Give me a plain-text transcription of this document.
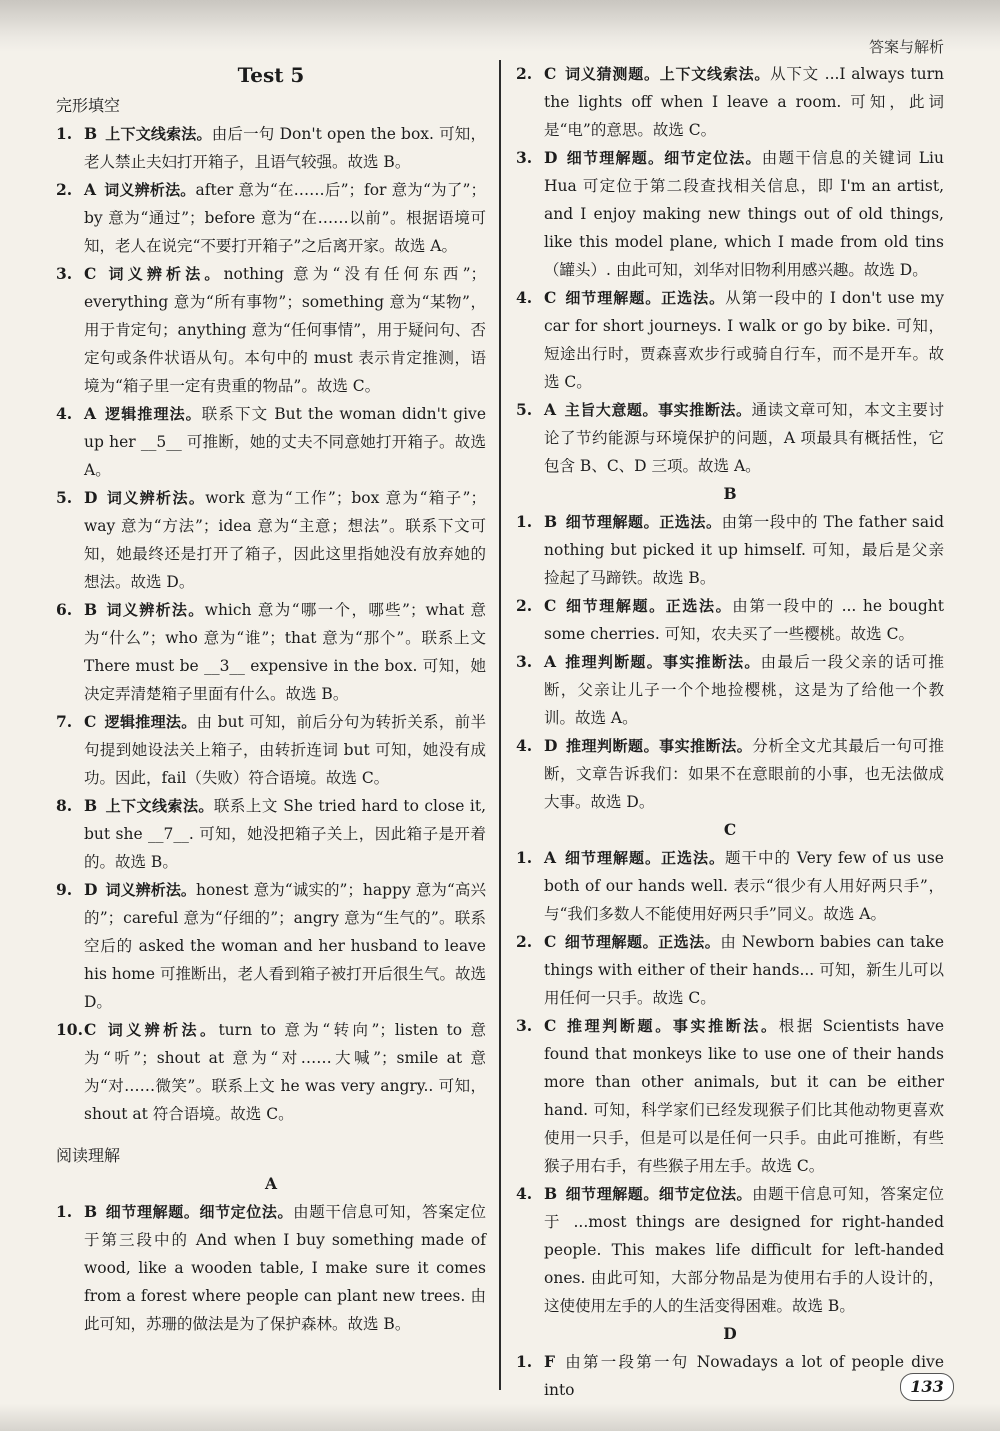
答案与解析
Test 5
完形填空
1. B 上下文线索法。由后一句 Don't open the box. 可知，老人禁止夫妇打开箱子，且语气较强。故选 B。
2. A 词义辨析法。after 意为“在……后”；for 意为“为了”；by 意为“通过”；before 意为“在……以前”。根据语境可知，老人在说完“不要打开箱子”之后离开家。故选 A。
3. C 词义辨析法。nothing 意为“没有任何东西”；everything 意为“所有事物”；something 意为“某物”，用于肯定句；anything 意为“任何事情”，用于疑问句、否定句或条件状语从句。本句中的 must 表示肯定推测，语境为“箱子里一定有贵重的物品”。故选 C。
4. A 逻辑推理法。联系下文 But the woman didn't give up her __5__ 可推断，她的丈夫不同意她打开箱子。故选 A。
5. D 词义辨析法。work 意为“工作”；box 意为“箱子”；way 意为“方法”；idea 意为“主意；想法”。联系下文可知，她最终还是打开了箱子，因此这里指她没有放弃她的想法。故选 D。
6. B 词义辨析法。which 意为“哪一个，哪些”；what 意为“什么”；who 意为“谁”；that 意为“那个”。联系上文 There must be __3__ expensive in the box. 可知，她决定弄清楚箱子里面有什么。故选 B。
7. C 逻辑推理法。由 but 可知，前后分句为转折关系，前半句提到她设法关上箱子，由转折连词 but 可知，她没有成功。因此，fail（失败）符合语境。故选 C。
8. B 上下文线索法。联系上文 She tried hard to close it, but she __7__. 可知，她没把箱子关上，因此箱子是开着的。故选 B。
9. D 词义辨析法。honest 意为“诚实的”；happy 意为“高兴的”；careful 意为“仔细的”；angry 意为“生气的”。联系空后的 asked the woman and her husband to leave his home 可推断出，老人看到箱子被打开后很生气。故选 D。
10.C 词义辨析法。turn to 意为“转向”；listen to 意为“听”；shout at 意为“对……大喊”；smile at 意为“对……微笑”。联系上文 he was very angry.. 可知，shout at 符合语境。故选 C。
阅读理解
A
1. B 细节理解题。细节定位法。由题干信息可知，答案定位于第三段中的 And when I buy something made of wood, like a wooden table, I make sure it comes from a forest where people can plant new trees. 由此可知，苏珊的做法是为了保护森林。故选 B。
2. C 词义猜测题。上下文线索法。从下文 ...I always turn the lights off when I leave a room. 可知，此词是“电”的意思。故选 C。
3. D 细节理解题。细节定位法。由题干信息的关键词 Liu Hua 可定位于第二段查找相关信息，即 I'm an artist, and I enjoy making new things out of old things, like this model plane, which I made from old tins（罐头）. 由此可知，刘华对旧物利用感兴趣。故选 D。
4. C 细节理解题。正选法。从第一段中的 I don't use my car for short journeys. I walk or go by bike. 可知，短途出行时，贾森喜欢步行或骑自行车，而不是开车。故选 C。
5. A 主旨大意题。事实推断法。通读文章可知，本文主要讨论了节约能源与环境保护的问题，A 项最具有概括性，它包含 B、C、D 三项。故选 A。
B
1. B 细节理解题。正选法。由第一段中的 The father said nothing but picked it up himself. 可知，最后是父亲捡起了马蹄铁。故选 B。
2. C 细节理解题。正选法。由第一段中的 ... he bought some cherries. 可知，农夫买了一些樱桃。故选 C。
3. A 推理判断题。事实推断法。由最后一段父亲的话可推断，父亲让儿子一个个地捡樱桃，这是为了给他一个教训。故选 A。
4. D 推理判断题。事实推断法。分析全文尤其最后一句可推断，文章告诉我们：如果不在意眼前的小事，也无法做成大事。故选 D。
C
1. A 细节理解题。正选法。题干中的 Very few of us use both of our hands well. 表示“很少有人用好两只手”，与“我们多数人不能使用好两只手”同义。故选 A。
2. C 细节理解题。正选法。由 Newborn babies can take things with either of their hands... 可知，新生儿可以用任何一只手。故选 C。
3. C 推理判断题。事实推断法。根据 Scientists have found that monkeys like to use one of their hands more than other animals, but it can be either hand. 可知，科学家们已经发现猴子们比其他动物更喜欢使用一只手，但是可以是任何一只手。由此可推断，有些猴子用右手，有些猴子用左手。故选 C。
4. B 细节理解题。细节定位法。由题干信息可知，答案定位于 ...most things are designed for right-handed people. This makes life difficult for left-handed ones. 由此可知，大部分物品是为使用右手的人设计的，这使使用左手的人的生活变得困难。故选 B。
D
1. F 由第一段第一句 Nowadays a lot of people dive into	133
